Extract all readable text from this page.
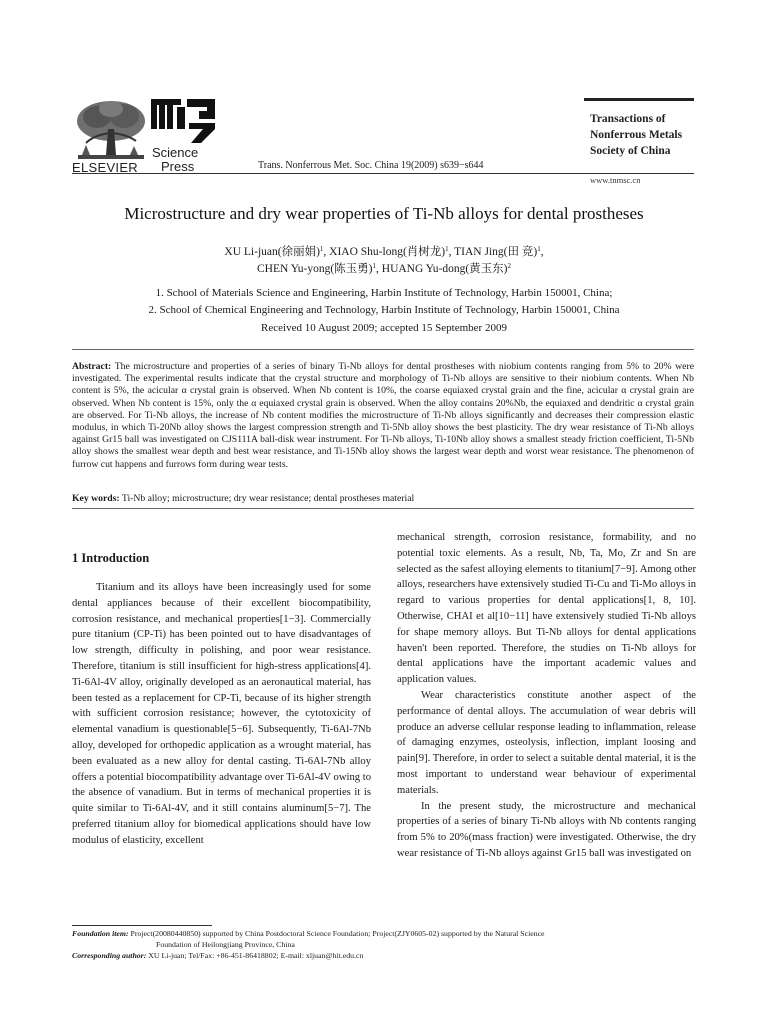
ELSEVIER
Science
Press	Trans. Nonferrous Met. Soc. China 19(2009) s639−s644
Transactions of
Nonferrous Metals
Society of China
www.tnmsc.cn
Microstructure and dry wear properties of Ti-Nb alloys for dental prostheses
XU Li-juan(徐丽娟)$^1$, XIAO Shu-long(肖树龙)$^1$, TIAN Jing(田 竞)$^1$,
CHEN Yu-yong(陈玉勇)$^1$, HUANG Yu-dong(黄玉东)$^2$
1. School of Materials Science and Engineering, Harbin Institute of Technology, Harbin 150001, China;
2. School of Chemical Engineering and Technology, Harbin Institute of Technology, Harbin 150001, China
Received 10 August 2009; accepted 15 September 2009
Abstract: The microstructure and properties of a series of binary Ti-Nb alloys for dental prostheses with niobium contents ranging from 5% to 20% were investigated. The experimental results indicate that the crystal structure and morphology of Ti-Nb alloys are sensitive to their niobium contents. When Nb content is 5%, the acicular α crystal grain is observed. When Nb content is 10%, the coarse equiaxed crystal grain and the fine, acicular α crystal grain are observed. When Nb content is 15%, only the α equiaxed crystal grain is observed. When the alloy contains 20%Nb, the equiaxed and dendritic α crystal grain are observed. For Ti-Nb alloys, the increase of Nb content modifies the microstructure of Ti-Nb alloys significantly and decreases their compression elastic modulus, in which Ti-20Nb alloy shows the largest compression strength and Ti-5Nb alloy shows the best plasticity. The dry wear resistance of Ti-Nb alloys against Gr15 ball was investigated on CJS111A ball-disk wear instrument. For Ti-Nb alloys, Ti-10Nb alloy shows a smallest steady friction coefficient, Ti-5Nb alloy shows the smallest wear depth and best wear resistance, and Ti-15Nb alloy shows the largest wear depth and worst wear resistance. The phenomenon of furrow cut happens and furrows form during wear tests.
Key words: Ti-Nb alloy; microstructure; dry wear resistance; dental prostheses material
1 Introduction

Titanium and its alloys have been increasingly used for some dental appliances because of their excellent biocompatibility, corrosion resistance, and mechanical properties[1−3]. Commercially pure titanium (CP-Ti) has been pointed out to have disadvantages of low strength, difficulty in polishing, and poor wear resistance. Therefore, titanium is still insufficient for high-stress applications[4]. Ti-6Al-4V alloy, originally developed as an aeronautical material, has been tested as a replacement for CP-Ti, because of its higher strength with sufficient corrosion resistance; however, the cytotoxicity of elemental vanadium is questionable[5−6]. Subsequently, Ti-6Al-7Nb alloy, developed for orthopedic application as a wrought material, has been evaluated as a new alloy for dental casting. Ti-6Al-7Nb alloy offers a potential biocompatibility advantage over Ti-6Al-4V owing to the absence of vanadium. But in terms of mechanical properties it is quite similar to Ti-6Al-4V, and it still contains aluminum[5−7]. The preferred titanium alloy for biomedical applications should have low modulus of elasticity, excellent

mechanical strength, corrosion resistance, formability, and no potential toxic elements. As a result, Nb, Ta, Mo, Zr and Sn are selected as the safest alloying elements to titanium[7−9]. Among other alloys, researchers have extensively studied Ti-Cu and Ti-Mo alloys in regard to various properties for dental applications[1, 8, 10]. Otherwise, CHAI et al[10−11] have extensively studied Ti-Nb alloys for shape memory alloys. But Ti-Nb alloys for dental applications haven't been reported. Therefore, the studies on Ti-Nb alloys for dental applications have the important academic values and application values.

Wear characteristics constitute another aspect of the performance of dental alloys. The accumulation of wear debris will produce an adverse cellular response leading to inflammation, release of damaging enzymes, osteolysis, inflection, implant loosing and pain[9]. Therefore, in order to select a suitable dental material, it is the most important to understand wear behaviour of experimental materials.

In the present study, the microstructure and mechanical properties of a series of binary Ti-Nb alloys with Nb contents ranging from 5% to 20%(mass fraction) were investigated. Otherwise, the dry wear resistance of Ti-Nb alloys against Gr15 ball was investigated on

Foundation item: Project(20080440850) supported by China Postdoctoral Science Foundation; Project(ZJY0605-02) supported by the Natural Science

Foundation of Heilongjiang Province, China

Corresponding author: XU Li-juan; Tel/Fax: +86-451-86418802; E-mail: xljuan@hit.edu.cn
